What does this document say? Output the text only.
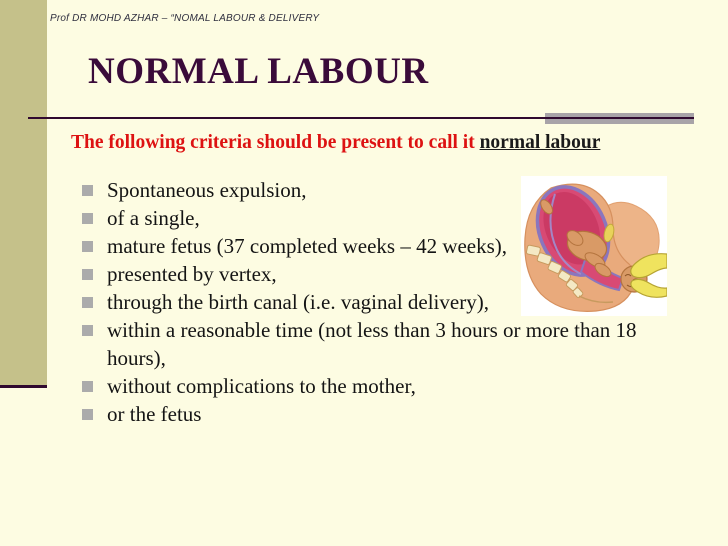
Prof DR MOHD AZHAR – “NOMAL LABOUR & DELIVERY
NORMAL LABOUR
The following criteria should be present to call it normal labour
Spontaneous expulsion,
of a single,
mature fetus (37 completed weeks – 42 weeks),
presented by vertex,
through the birth canal (i.e. vaginal delivery),
within a reasonable time (not less than 3 hours or more than 18 hours),
without complications to the mother,
or the fetus
